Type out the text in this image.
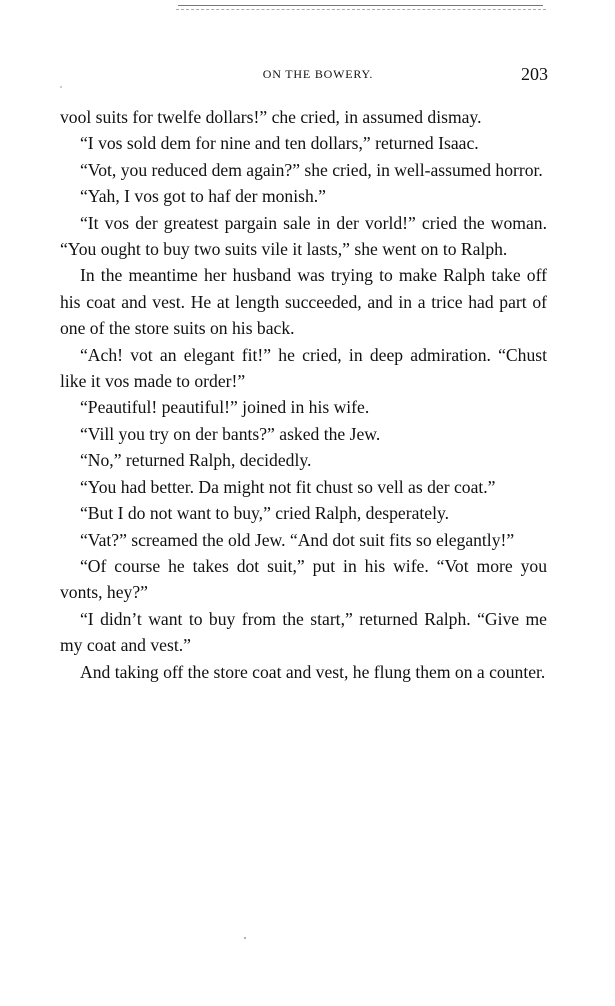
ON THE BOWERY.	203

vool suits for twelfe dollars!” che cried, in assumed dismay.

“I vos sold dem for nine and ten dollars,” returned Isaac.

“Vot, you reduced dem again?” she cried, in well-assumed horror.

“Yah, I vos got to haf der monish.”

“It vos der greatest pargain sale in der vorld!” cried the woman. “You ought to buy two suits vile it lasts,” she went on to Ralph.

In the meantime her husband was trying to make Ralph take off his coat and vest. He at length succeeded, and in a trice had part of one of the store suits on his back.

“Ach! vot an elegant fit!” he cried, in deep admiration. “Chust like it vos made to order!”

“Peautiful! peautiful!” joined in his wife.

“Vill you try on der bants?” asked the Jew.

“No,” returned Ralph, decidedly.

“You had better. Da might not fit chust so vell as der coat.”

“But I do not want to buy,” cried Ralph, desperately.

“Vat?” screamed the old Jew. “And dot suit fits so elegantly!”

“Of course he takes dot suit,” put in his wife. “Vot more you vonts, hey?”

“I didn’t want to buy from the start,” returned Ralph. “Give me my coat and vest.”

And taking off the store coat and vest, he flung them on a counter.
